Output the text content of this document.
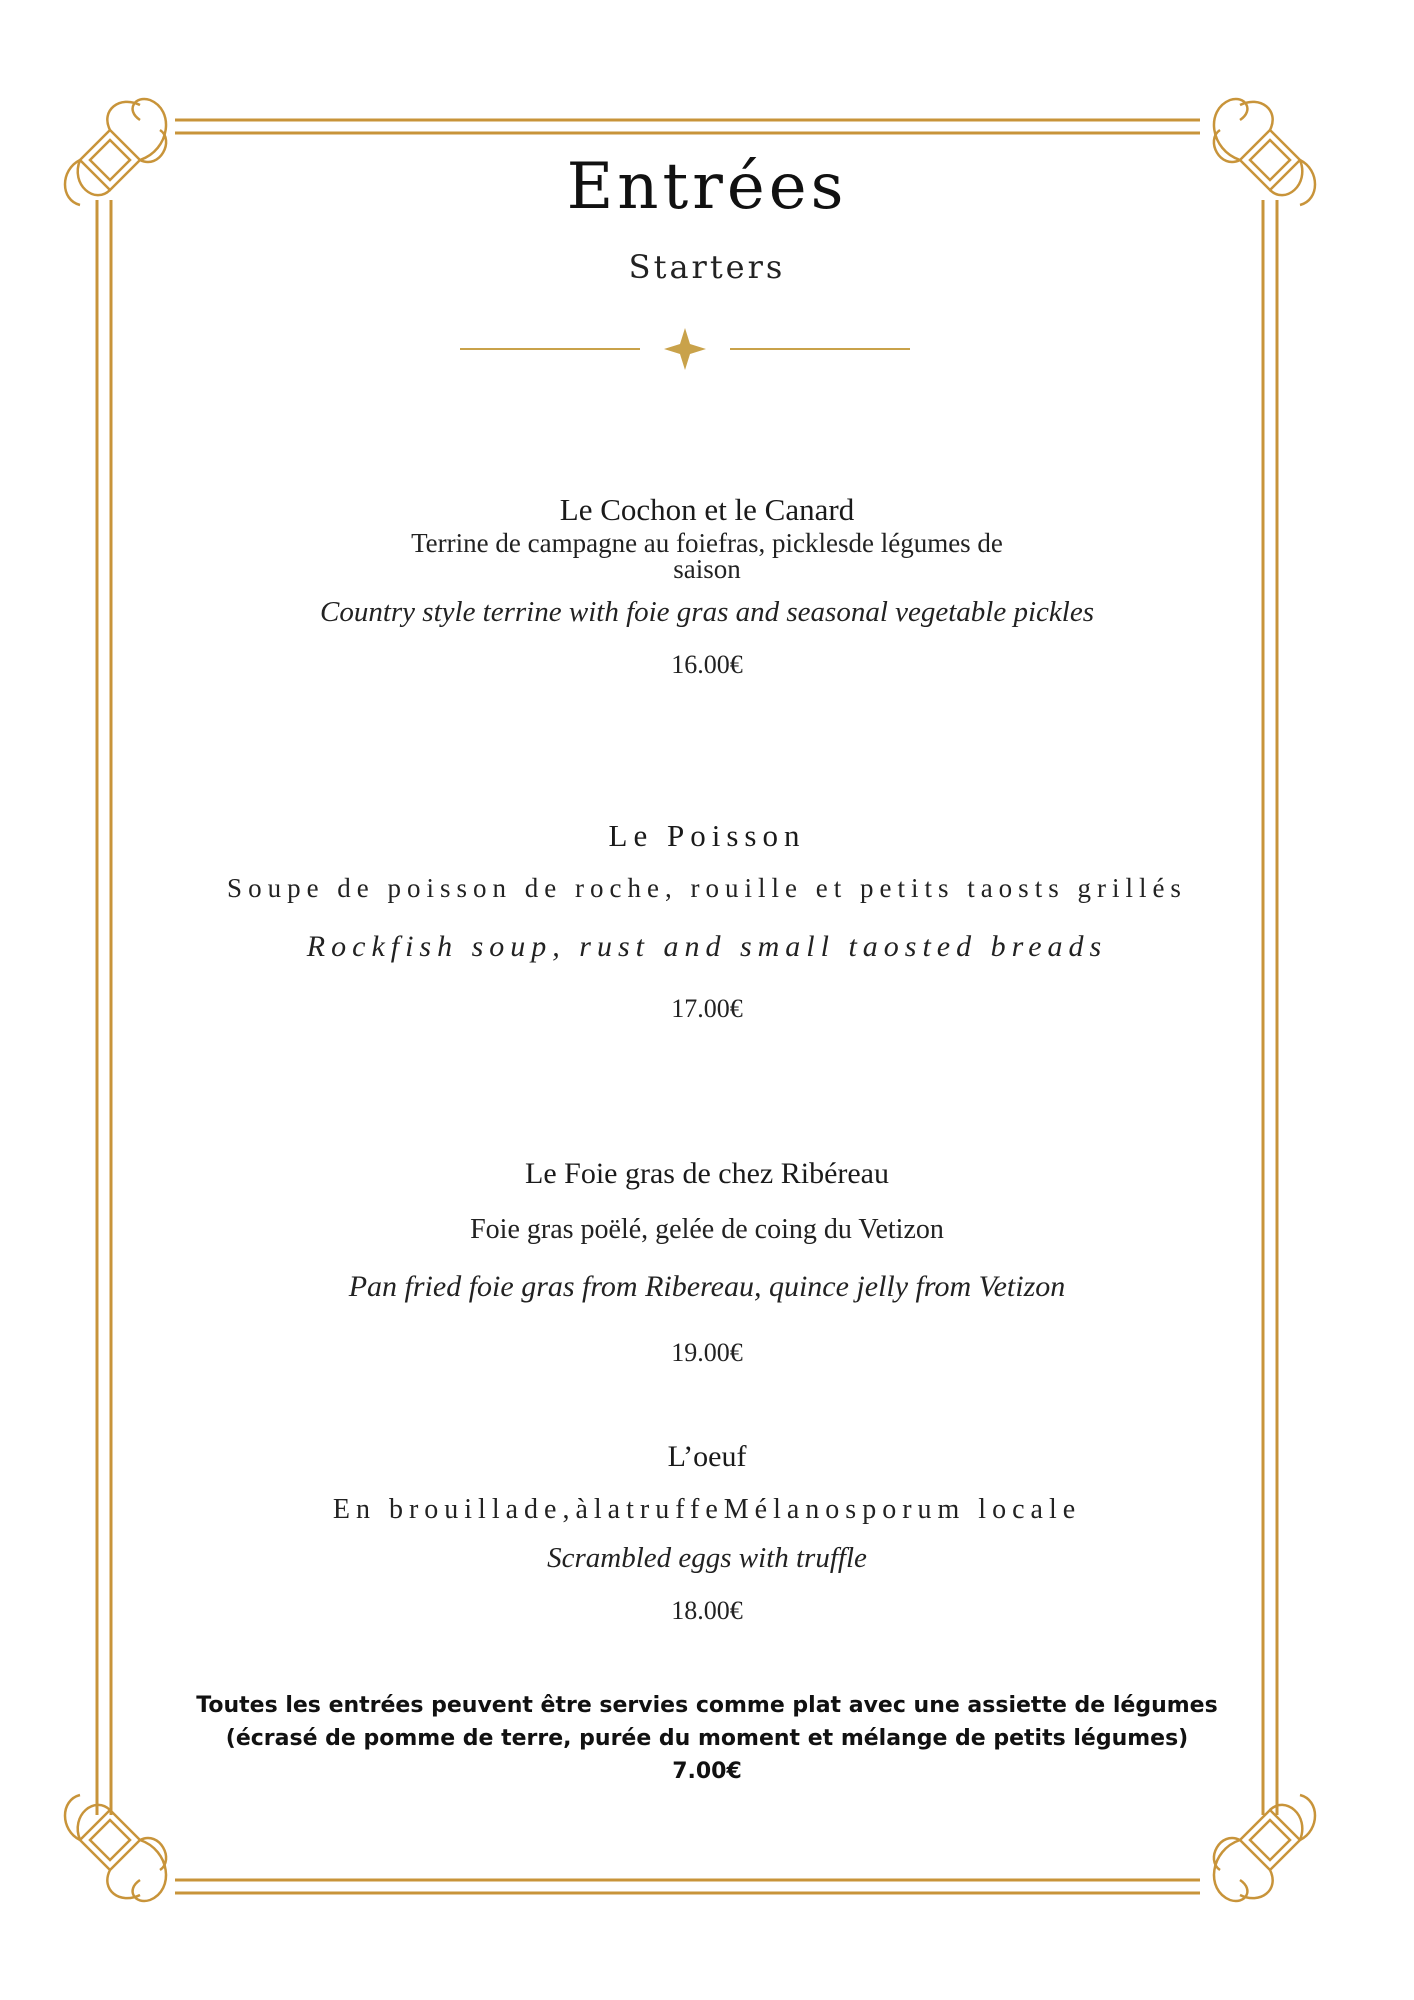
Entrées
Starters
Le Cochon et le Canard
Terrine de campagne au foiefras, picklesde légumes de
saison
Country style terrine with foie gras and seasonal vegetable pickles
16.00€
Le Poisson
Soupe de poisson de roche, rouille et petits taosts grillés
Rockfish soup, rust and small taosted breads
17.00€
Le Foie gras de chez Ribéreau
Foie gras poëlé, gelée de coing du Vetizon
Pan fried foie gras from Ribereau, quince jelly from Vetizon
19.00€
L’oeuf
En brouillade,àlatruffeMélanosporum locale
Scrambled eggs with truffle
18.00€
Toutes les entrées peuvent être servies comme plat avec une assiette de légumes
(écrasé de pomme de terre, purée du moment et mélange de petits légumes)
7.00€
